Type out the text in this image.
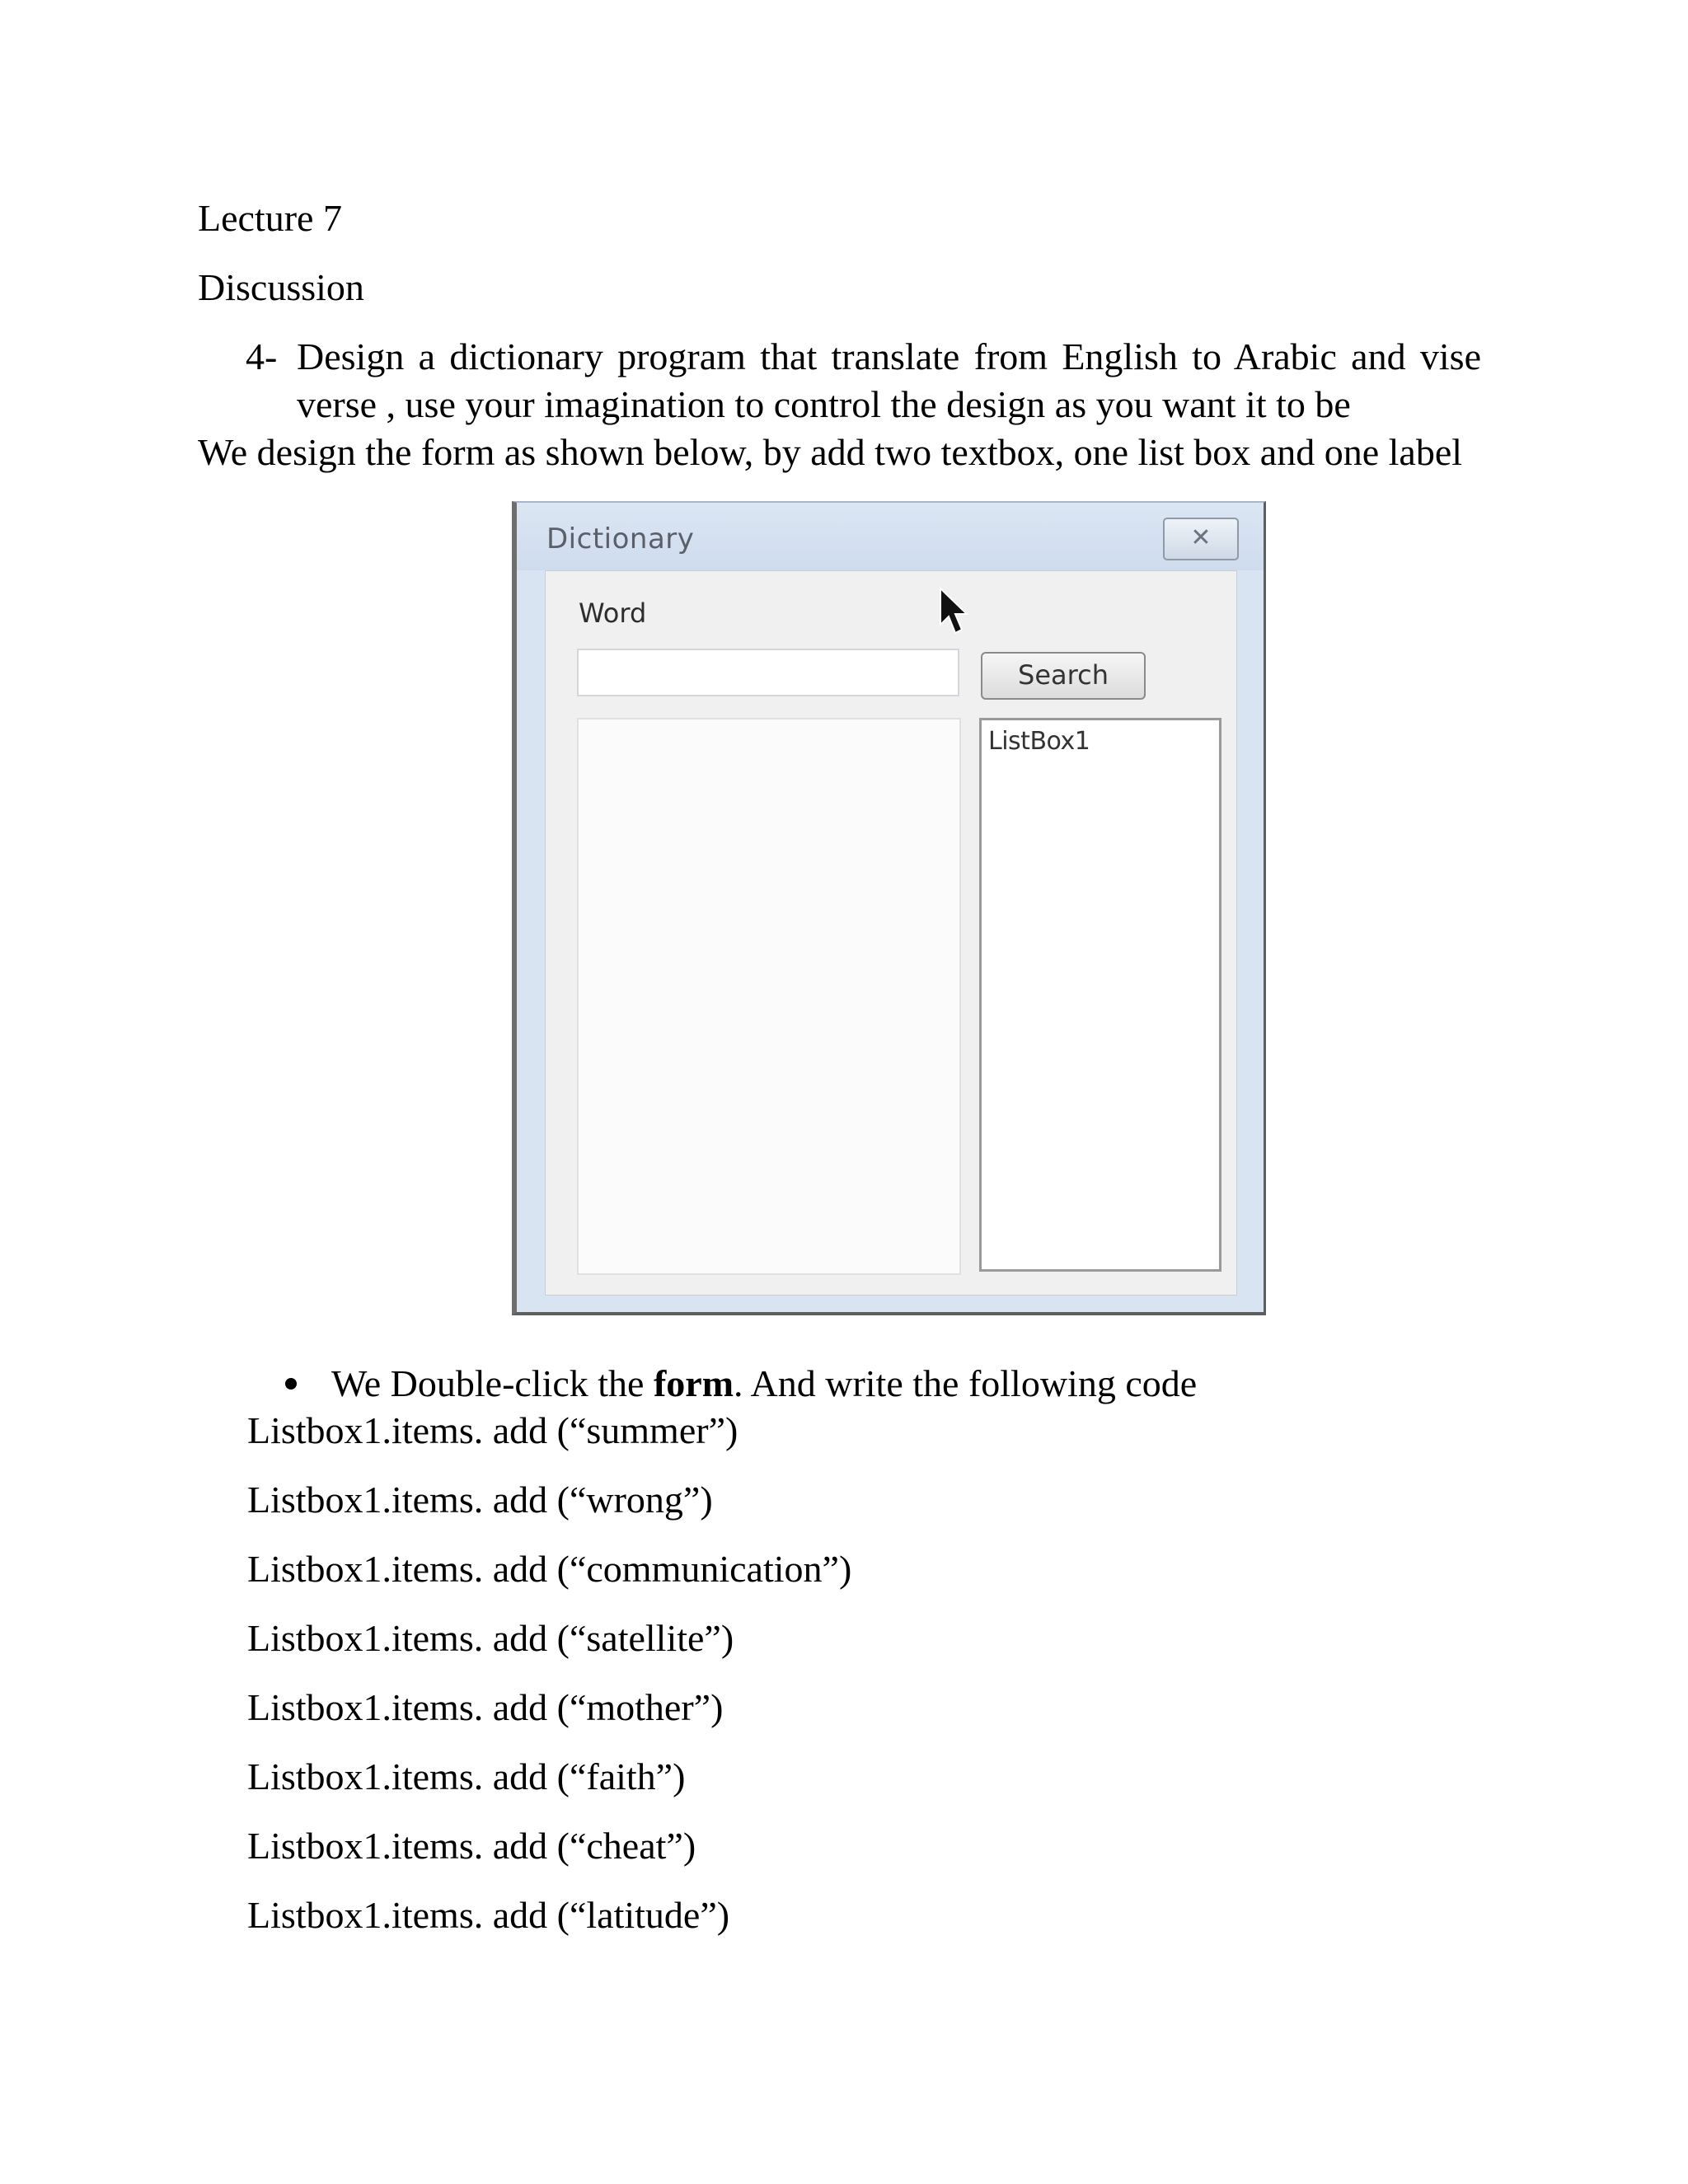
Lecture 7
Discussion
4- Design a dictionary program that translate from English to Arabic and vise
verse , use your imagination to control the design as you want it to be
We design the form as shown below, by add two textbox, one list box and one label
Dictionary	✕
Word
Search
ListBox1
We Double-click the form. And write the following code
Listbox1.items. add (“summer”)
Listbox1.items. add (“wrong”)
Listbox1.items. add (“communication”)
Listbox1.items. add (“satellite”)
Listbox1.items. add (“mother”)
Listbox1.items. add (“faith”)
Listbox1.items. add (“cheat”)
Listbox1.items. add (“latitude”)
